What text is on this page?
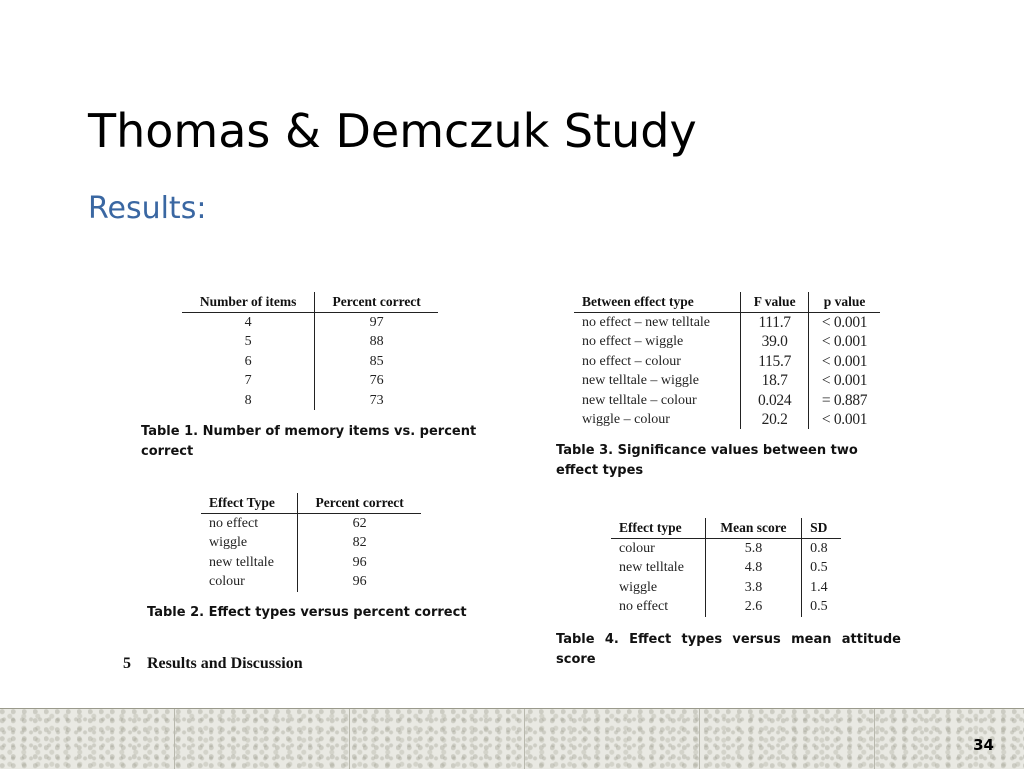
Thomas & Demczuk Study
Results:
Number of items	Percent correct
4	97
5	88
6	85
7	76
8	73
Table 1. Number of memory items vs. percent correct
Effect Type	Percent correct
no effect	62
wiggle	82
new telltale	96
colour	96
Table 2. Effect types versus percent correct
5 Results and Discussion
Between effect type	F value	p value
no effect – new telltale	111.7	< 0.001
no effect – wiggle	39.0	< 0.001
no effect – colour	115.7	< 0.001
new telltale – wiggle	18.7	< 0.001
new telltale – colour	0.024	= 0.887
wiggle – colour	20.2	< 0.001
Table 3. Significance values between two effect types
Effect type	Mean score	SD
colour	5.8	0.8
new telltale	4.8	0.5
wiggle	3.8	1.4
no effect	2.6	0.5
Table 4. Effect types versus mean attitude score
34
